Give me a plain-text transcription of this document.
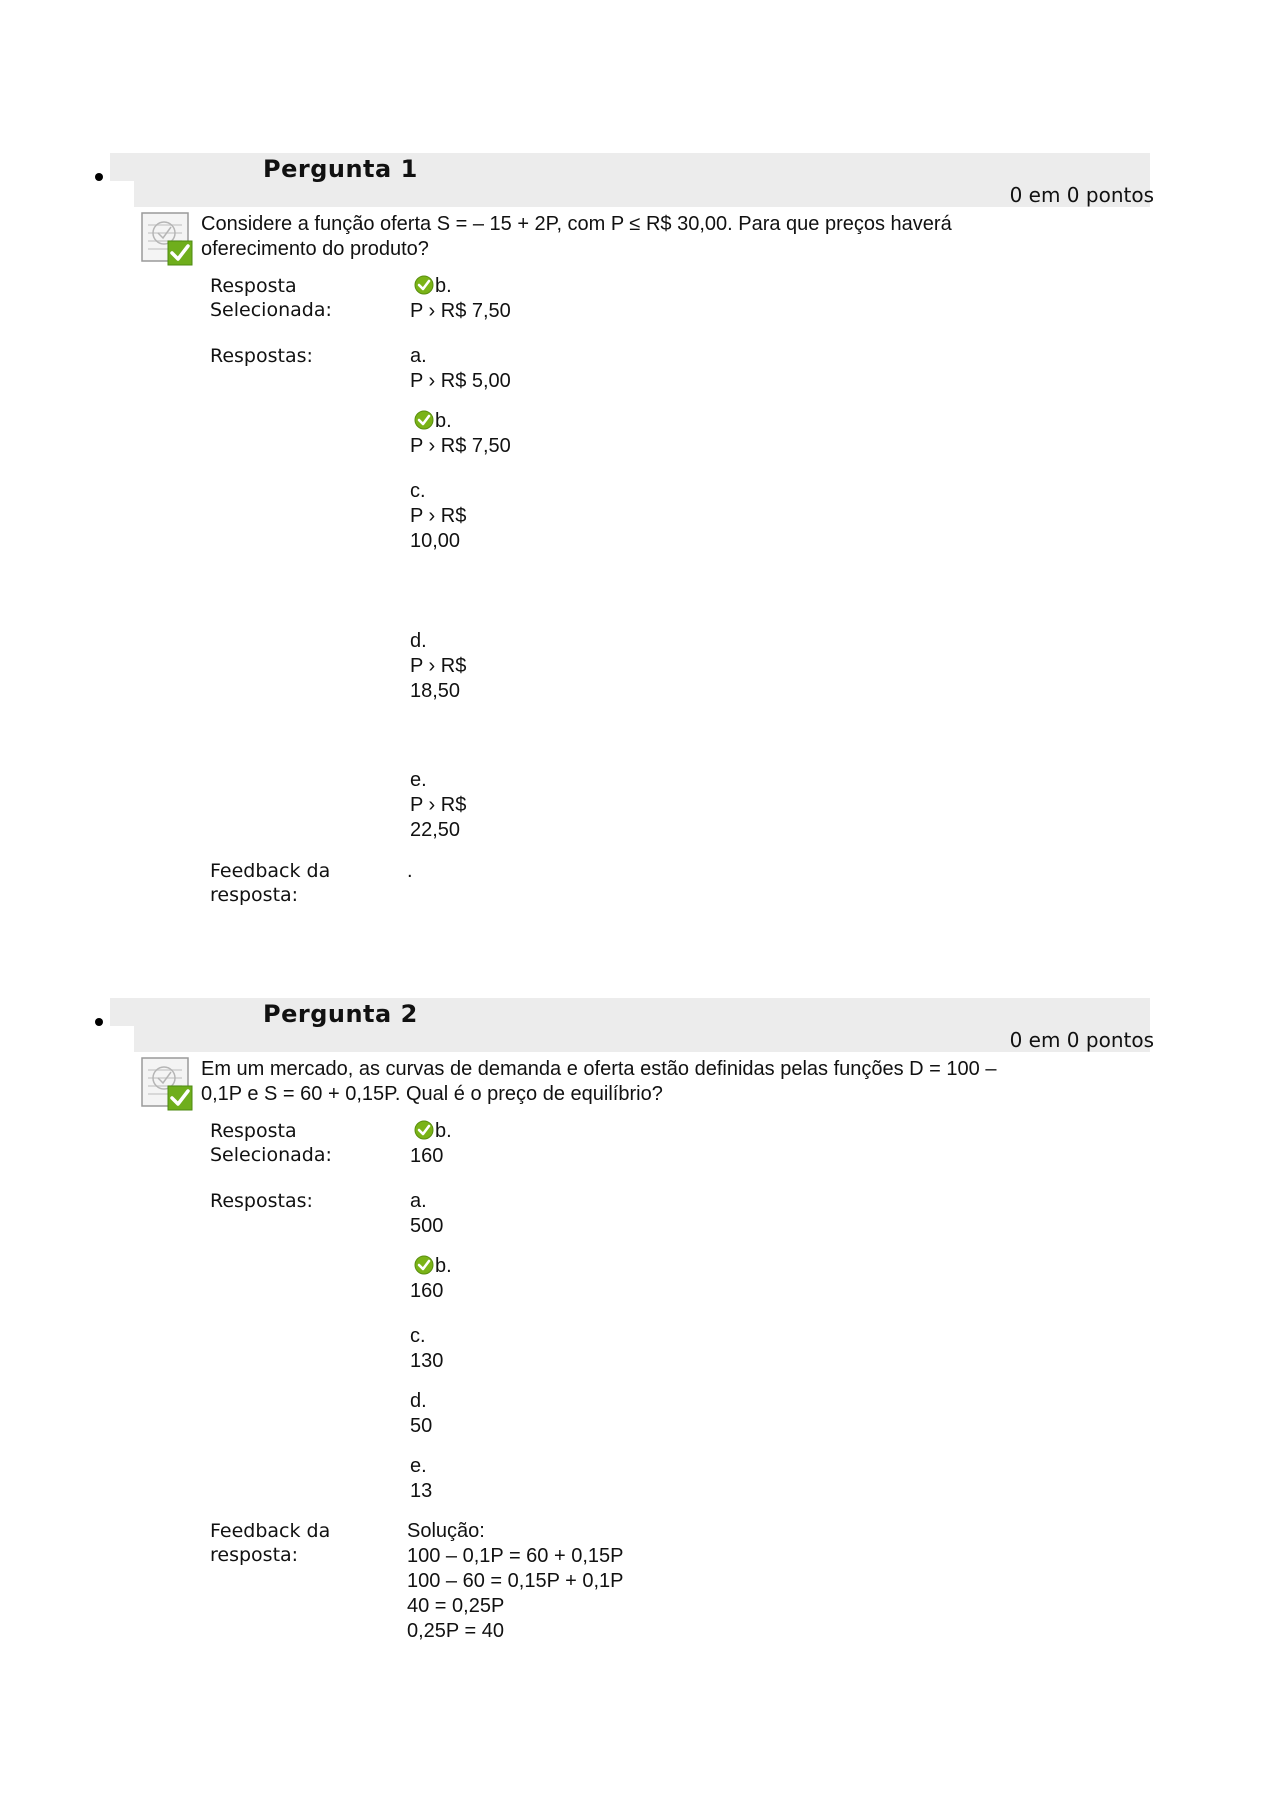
Pergunta 1
0 em 0 pontos
Considere a função oferta S = – 15 + 2P, com P ≤ R$ 30,00. Para que preços haverá oferecimento do produto?
Resposta Selecionada:
b.
P › R$ 7,50
Respostas:	a.
P › R$ 5,00
b.
P › R$ 7,50
c.
P › R$
10,00
d.
P › R$
18,50
e.
P › R$
22,50
Feedback da resposta:
.
Pergunta 2
0 em 0 pontos
Em um mercado, as curvas de demanda e oferta estão definidas pelas funções D = 100 – 0,1P e S = 60 + 0,15P. Qual é o preço de equilíbrio?
Resposta Selecionada:
b.
160
Respostas:	a.
500
b.
160
c.
130
d.
50
e.
13
Feedback da resposta:
Solução:
100 – 0,1P = 60 + 0,15P
100 – 60 = 0,15P + 0,1P
40 = 0,25P
0,25P = 40
